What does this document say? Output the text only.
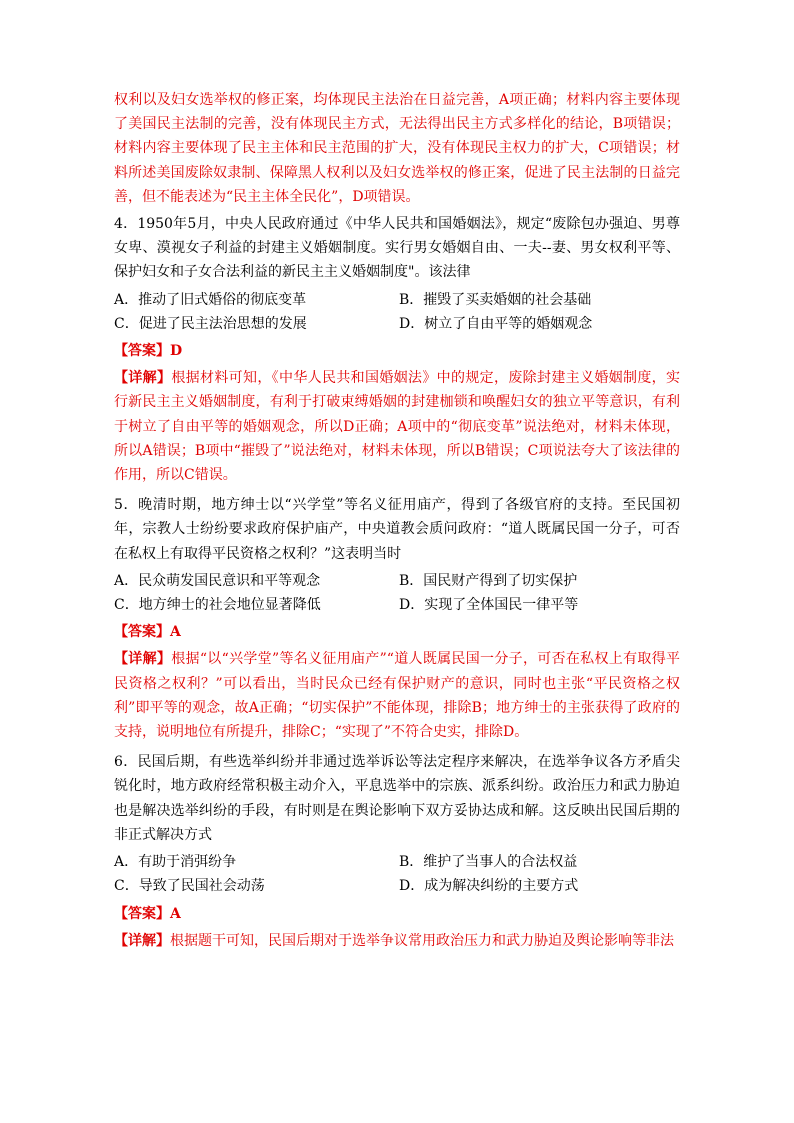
权利以及妇女选举权的修正案，均体现民主法治在日益完善，A项正确；材料内容主要体现了美国民主法制的完善，没有体现民主方式，无法得出民主方式多样化的结论，B项错误；材料内容主要体现了民主主体和民主范围的扩大，没有体现民主权力的扩大，C项错误；材料所述美国废除奴隶制、保障黑人权利以及妇女选举权的修正案，促进了民主法制的日益完善，但不能表述为“民主主体全民化”，D项错误。

4．1950年5月，中央人民政府通过《中华人民共和国婚姻法》，规定“废除包办强迫、男尊女卑、漠视女子利益的封建主义婚姻制度。实行男女婚姻自由、一夫--妻、男女权利平等、保护妇女和子女合法利益的新民主主义婚姻制度"。该法律

A．推动了旧式婚俗的彻底变革	B．摧毁了买卖婚姻的社会基础
C．促进了民主法治思想的发展	D．树立了自由平等的婚姻观念
【答案】D

【详解】根据材料可知，《中华人民共和国婚姻法》中的规定，废除封建主义婚姻制度，实行新民主主义婚姻制度，有利于打破束缚婚姻的封建枷锁和唤醒妇女的独立平等意识，有利于树立了自由平等的婚姻观念，所以D正确；A项中的“彻底变革”说法绝对，材料未体现，所以A错误；B项中“摧毁了”说法绝对，材料未体现，所以B错误；C项说法夸大了该法律的作用，所以C错误。

5．晚清时期，地方绅士以“兴学堂”等名义征用庙产，得到了各级官府的支持。至民国初年，宗教人士纷纷要求政府保护庙产，中央道教会质问政府：“道人既属民国一分子，可否在私权上有取得平民资格之权利？”这表明当时

A．民众萌发国民意识和平等观念	B．国民财产得到了切实保护
C．地方绅士的社会地位显著降低	D．实现了全体国民一律平等
【答案】A

【详解】根据“以“兴学堂”等名义征用庙产”“道人既属民国一分子，可否在私权上有取得平民资格之权利？”可以看出，当时民众已经有保护财产的意识，同时也主张“平民资格之权利”即平等的观念，故A正确；“切实保护”不能体现，排除B；地方绅士的主张获得了政府的支持，说明地位有所提升，排除C；“实现了”不符合史实，排除D。

6．民国后期，有些选举纠纷并非通过选举诉讼等法定程序来解决，在选举争议各方矛盾尖锐化时，地方政府经常积极主动介入，平息选举中的宗族、派系纠纷。政治压力和武力胁迫也是解决选举纠纷的手段，有时则是在舆论影响下双方妥协达成和解。这反映出民国后期的非正式解决方式

A．有助于消弭纷争	B．维护了当事人的合法权益
C．导致了民国社会动荡	D．成为解决纠纷的主要方式
【答案】A

【详解】根据题干可知，民国后期对于选举争议常用政治压力和武力胁迫及舆论影响等非法
